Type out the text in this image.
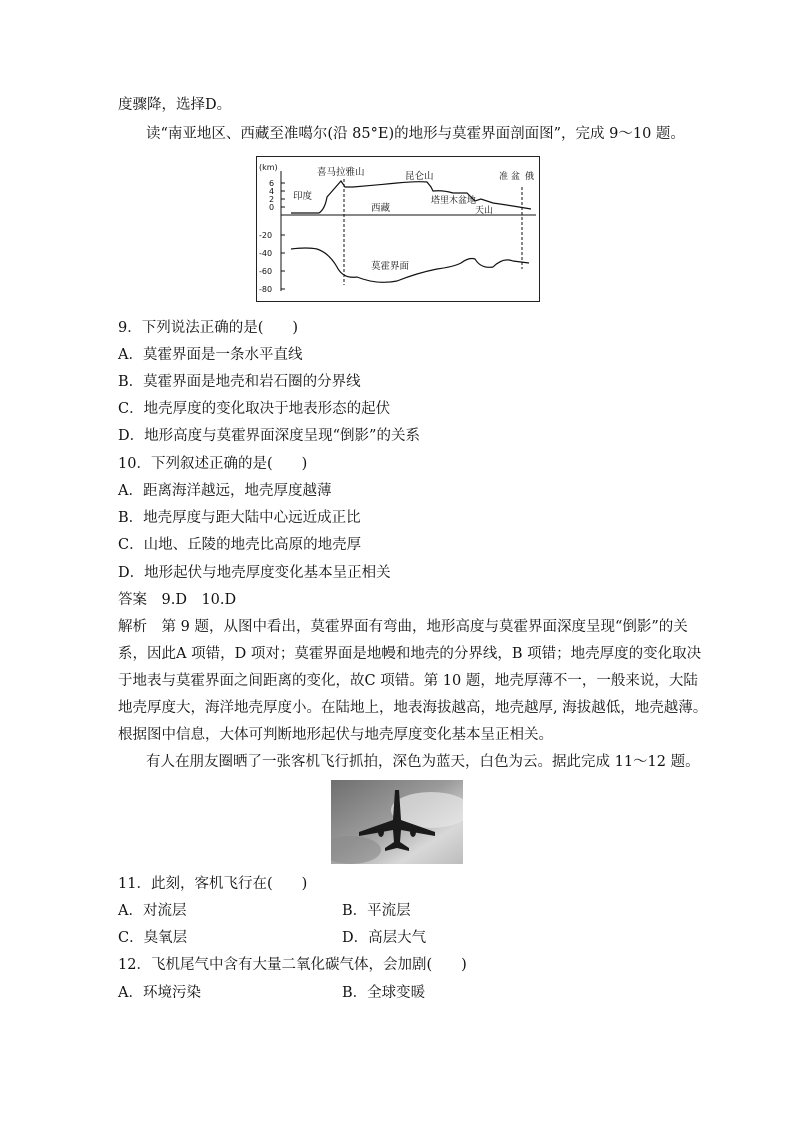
度骤降，选择D。
读“南亚地区、西藏至准噶尔(沿 85°E)的地形与莫霍界面剖面图”，完成 9～10 题。
(km)
6
4
2
0
-20
-40
-60
-80
喜马拉雅山	昆仑山
印度
西藏
塔里木盆地
天山
准 盆 俄
莫霍界面
9．下列说法正确的是(　　)
A．莫霍界面是一条水平直线
B．莫霍界面是地壳和岩石圈的分界线
C．地壳厚度的变化取决于地表形态的起伏
D．地形高度与莫霍界面深度呈现“倒影”的关系
10．下列叙述正确的是(　　)
A．距离海洋越远，地壳厚度越薄
B．地壳厚度与距大陆中心远近成正比
C．山地、丘陵的地壳比高原的地壳厚
D．地形起伏与地壳厚度变化基本呈正相关
答案　9.D　10.D
解析　第 9 题，从图中看出，莫霍界面有弯曲，地形高度与莫霍界面深度呈现“倒影”的关
系，因此A 项错，D 项对；莫霍界面是地幔和地壳的分界线，B 项错；地壳厚度的变化取决
于地表与莫霍界面之间距离的变化，故C 项错。第 10 题，地壳厚薄不一，一般来说，大陆
地壳厚度大，海洋地壳厚度小。在陆地上，地表海拔越高，地壳越厚, 海拔越低，地壳越薄。
根据图中信息，大体可判断地形起伏与地壳厚度变化基本呈正相关。
有人在朋友圈晒了一张客机飞行抓拍，深色为蓝天，白色为云。据此完成 11～12 题。
11．此刻，客机飞行在(　　)
A．对流层	B．平流层
C．臭氧层	D．高层大气
12．飞机尾气中含有大量二氧化碳气体，会加剧(　　)
A．环境污染	B．全球变暖
